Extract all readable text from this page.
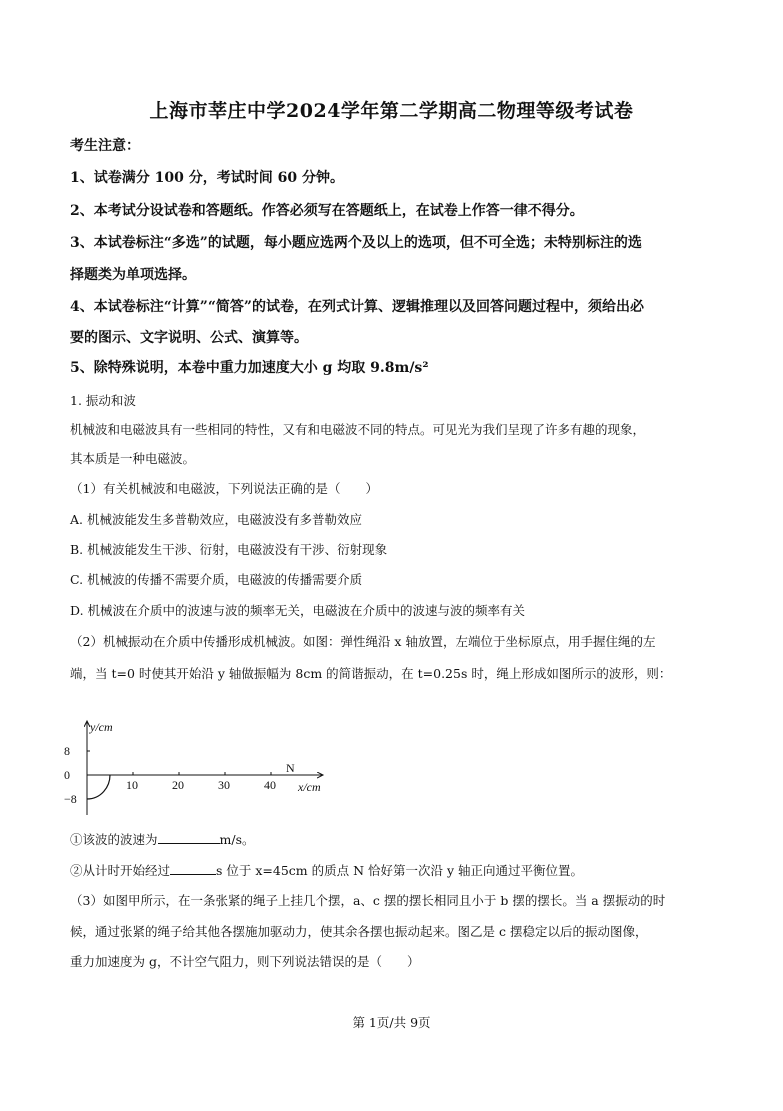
上海市莘庄中学2024学年第二学期高二物理等级考试卷
考生注意：
1、试卷满分 100 分，考试时间 60 分钟。
2、本考试分设试卷和答题纸。作答必须写在答题纸上，在试卷上作答一律不得分。
3、本试卷标注“多选”的试题，每小题应选两个及以上的选项，但不可全选；未特别标注的选
择题类为单项选择。
4、本试卷标注“计算”“简答”的试卷，在列式计算、逻辑推理以及回答问题过程中，须给出必
要的图示、文字说明、公式、演算等。
5、除特殊说明，本卷中重力加速度大小 g 均取 9.8m/s²
1. 振动和波
机械波和电磁波具有一些相同的特性，又有和电磁波不同的特点。可见光为我们呈现了许多有趣的现象，
其本质是一种电磁波。
（1）有关机械波和电磁波，下列说法正确的是（　　）
A. 机械波能发生多普勒效应，电磁波没有多普勒效应
B. 机械波能发生干涉、衍射，电磁波没有干涉、衍射现象
C. 机械波的传播不需要介质，电磁波的传播需要介质
D. 机械波在介质中的波速与波的频率无关，电磁波在介质中的波速与波的频率有关
（2）机械振动在介质中传播形成机械波。如图：弹性绳沿 x 轴放置，左端位于坐标原点，用手握住绳的左
端，当 t=0 时使其开始沿 y 轴做振幅为 8cm 的简谐振动，在 t=0.25s 时，绳上形成如图所示的波形，则：
y/cm
x/cm
N
10	20	30	40
8
0
−8
①该波的波速为	m/s。
②从计时开始经过	s 位于 x=45cm 的质点 N 恰好第一次沿 y 轴正向通过平衡位置。
（3）如图甲所示，在一条张紧的绳子上挂几个摆，a、c 摆的摆长相同且小于 b 摆的摆长。当 a 摆振动的时
候，通过张紧的绳子给其他各摆施加驱动力，使其余各摆也振动起来。图乙是 c 摆稳定以后的振动图像，
重力加速度为 g，不计空气阻力，则下列说法错误的是（　　）
第 1页/共 9页
